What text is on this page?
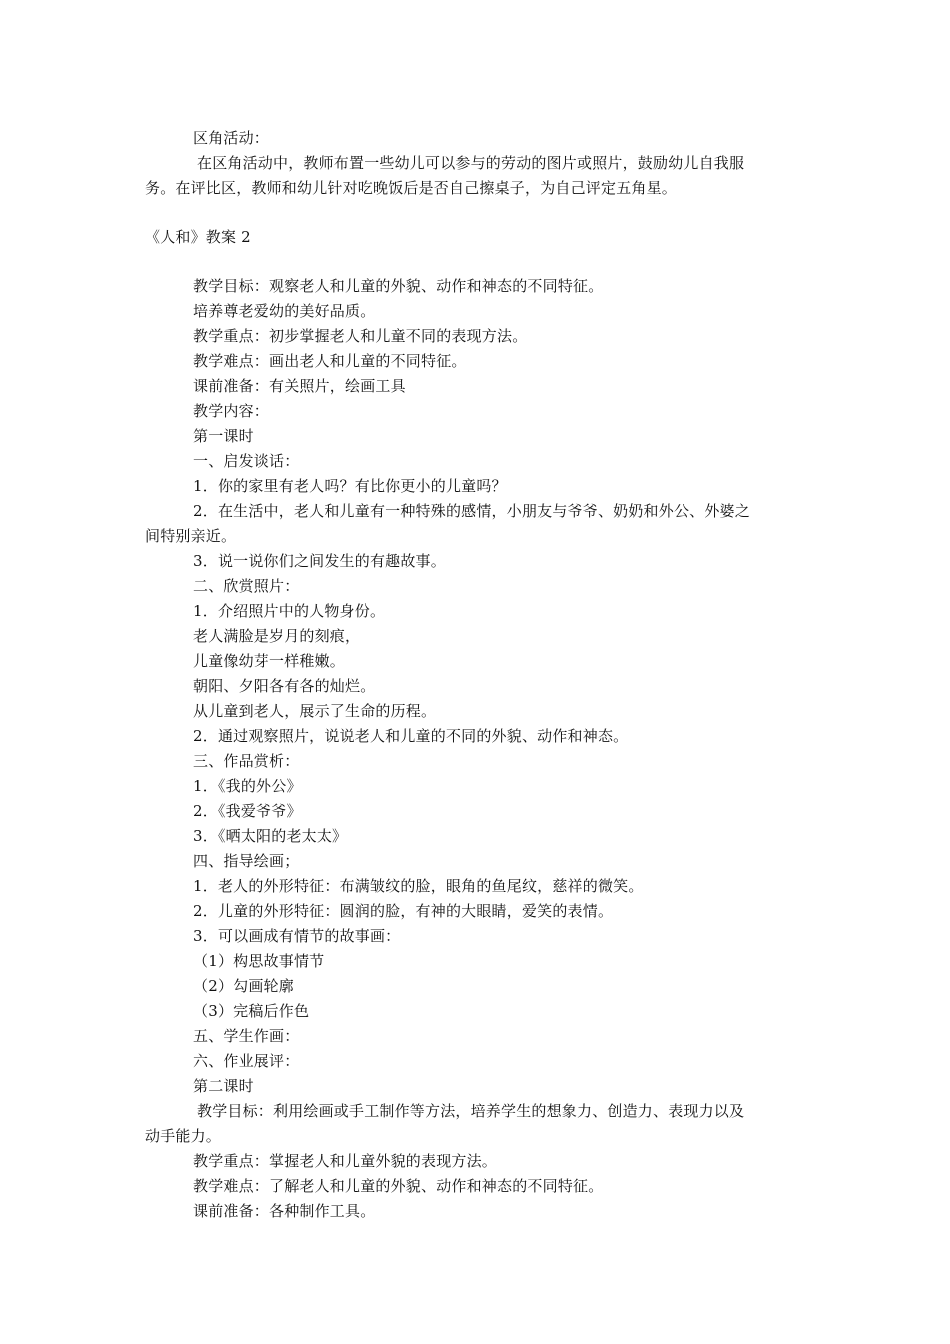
区角活动：
在区角活动中，教师布置一些幼儿可以参与的劳动的图片或照片，鼓励幼儿自我服
务。在评比区，教师和幼儿针对吃晚饭后是否自己擦桌子，为自己评定五角星。
《人和》教案 2
教学目标：观察老人和儿童的外貌、动作和神态的不同特征。
培养尊老爱幼的美好品质。
教学重点：初步掌握老人和儿童不同的表现方法。
教学难点：画出老人和儿童的不同特征。
课前准备：有关照片，绘画工具
教学内容：
第一课时
一、启发谈话：
1．你的家里有老人吗？有比你更小的儿童吗？
2．在生活中，老人和儿童有一种特殊的感情，小朋友与爷爷、奶奶和外公、外婆之
间特别亲近。
3．说一说你们之间发生的有趣故事。
二、欣赏照片：
1．介绍照片中的人物身份。
老人满脸是岁月的刻痕，
儿童像幼芽一样稚嫩。
朝阳、夕阳各有各的灿烂。
从儿童到老人，展示了生命的历程。
2．通过观察照片，说说老人和儿童的不同的外貌、动作和神态。
三、作品赏析：
1．《我的外公》
2．《我爱爷爷》
3．《晒太阳的老太太》
四、指导绘画；
1．老人的外形特征：布满皱纹的脸，眼角的鱼尾纹，慈祥的微笑。
2．儿童的外形特征：圆润的脸，有神的大眼睛，爱笑的表情。
3．可以画成有情节的故事画：
（1）构思故事情节
（2）勾画轮廓
（3）完稿后作色
五、学生作画：
六、作业展评：
第二课时
教学目标：利用绘画或手工制作等方法，培养学生的想象力、创造力、表现力以及
动手能力。
教学重点：掌握老人和儿童外貌的表现方法。
教学难点：了解老人和儿童的外貌、动作和神态的不同特征。
课前准备：各种制作工具。
